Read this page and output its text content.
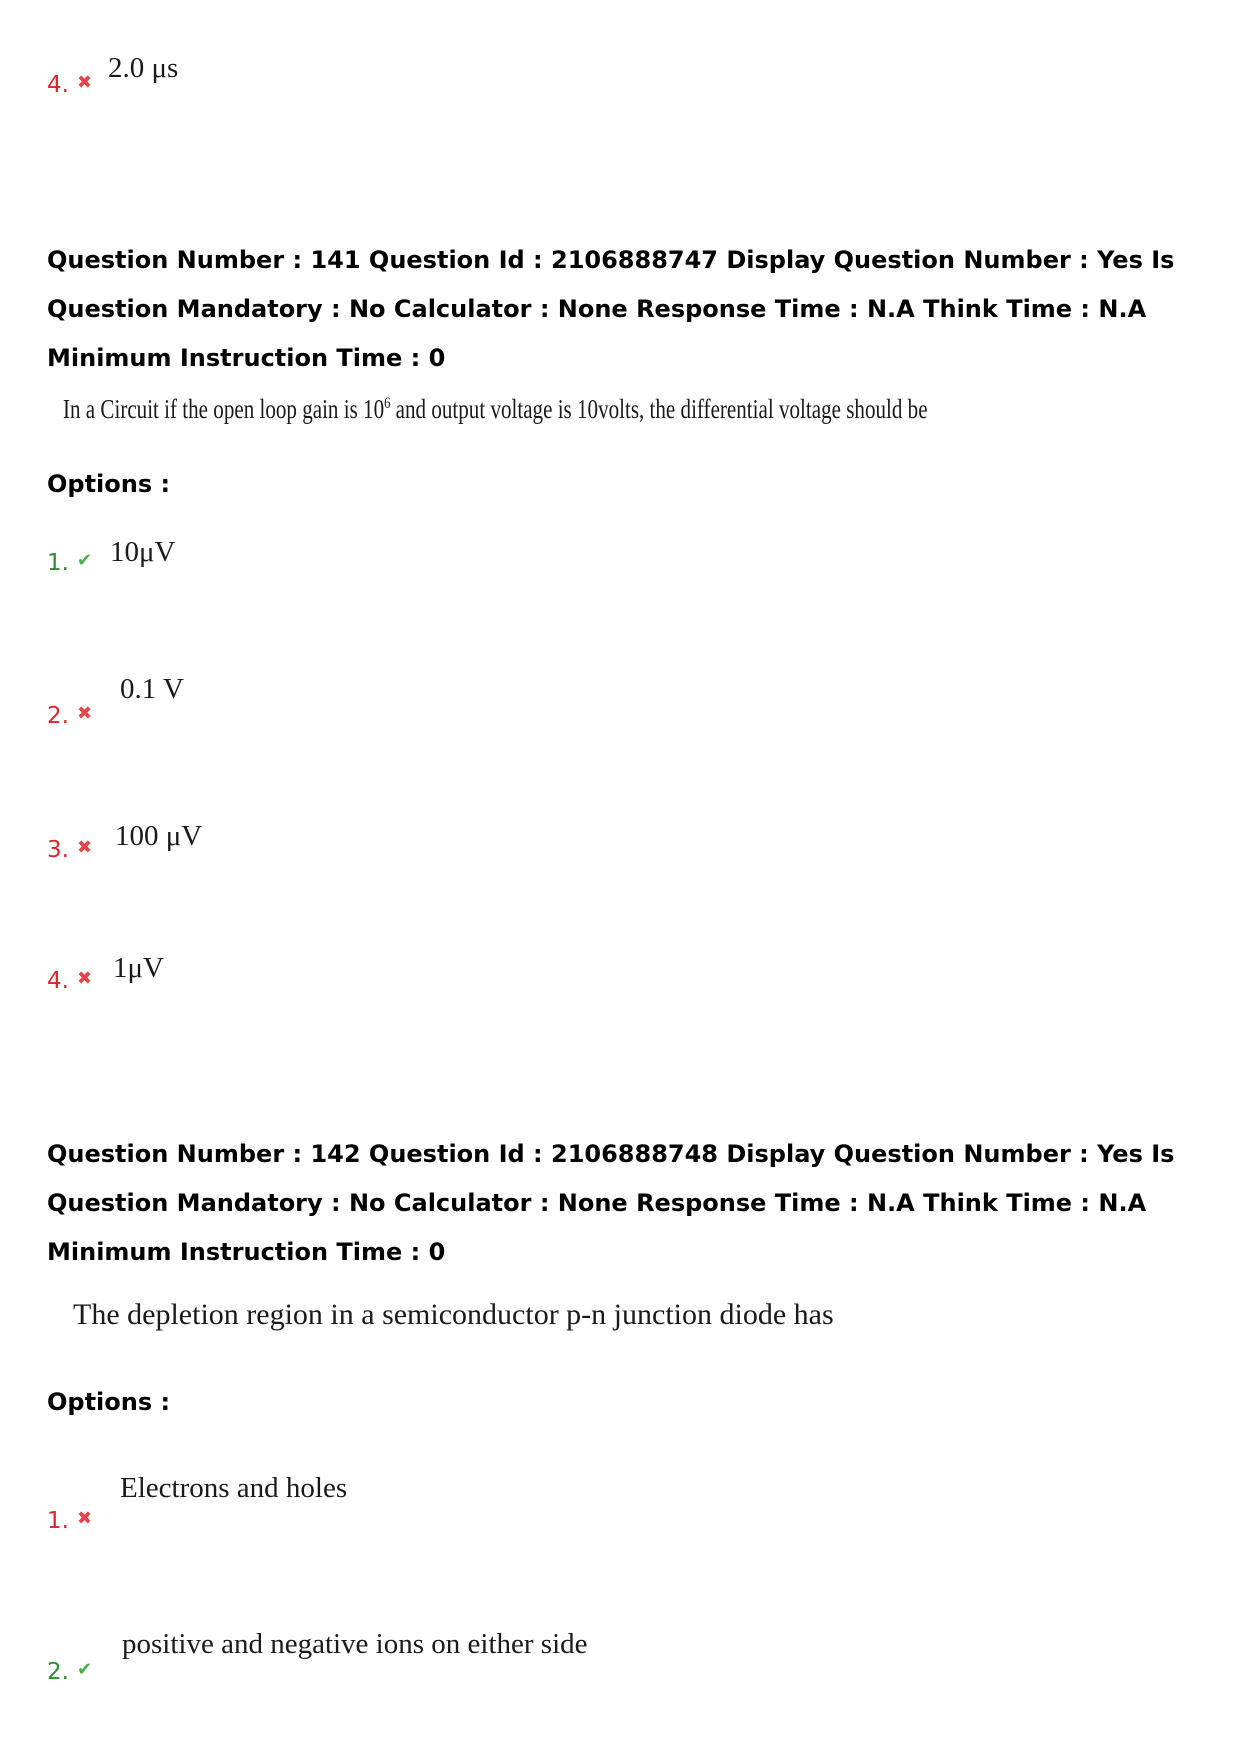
4. ✖ 2.0 μs
Question Number : 141 Question Id : 2106888747 Display Question Number : Yes Is Question Mandatory : No Calculator : None Response Time : N.A Think Time : N.A Minimum Instruction Time : 0
In a Circuit if the open loop gain is $10^6$ and output voltage is 10volts, the differential voltage should be
Options :
1. ✔ 10μV
2. ✖
0.1 V
3. ✖ 100 μV
4. ✖ 1μV
Question Number : 142 Question Id : 2106888748 Display Question Number : Yes Is Question Mandatory : No Calculator : None Response Time : N.A Think Time : N.A Minimum Instruction Time : 0
The depletion region in a semiconductor p-n junction diode has
Options :
1. ✖
Electrons and holes
2. ✔
positive and negative ions on either side
